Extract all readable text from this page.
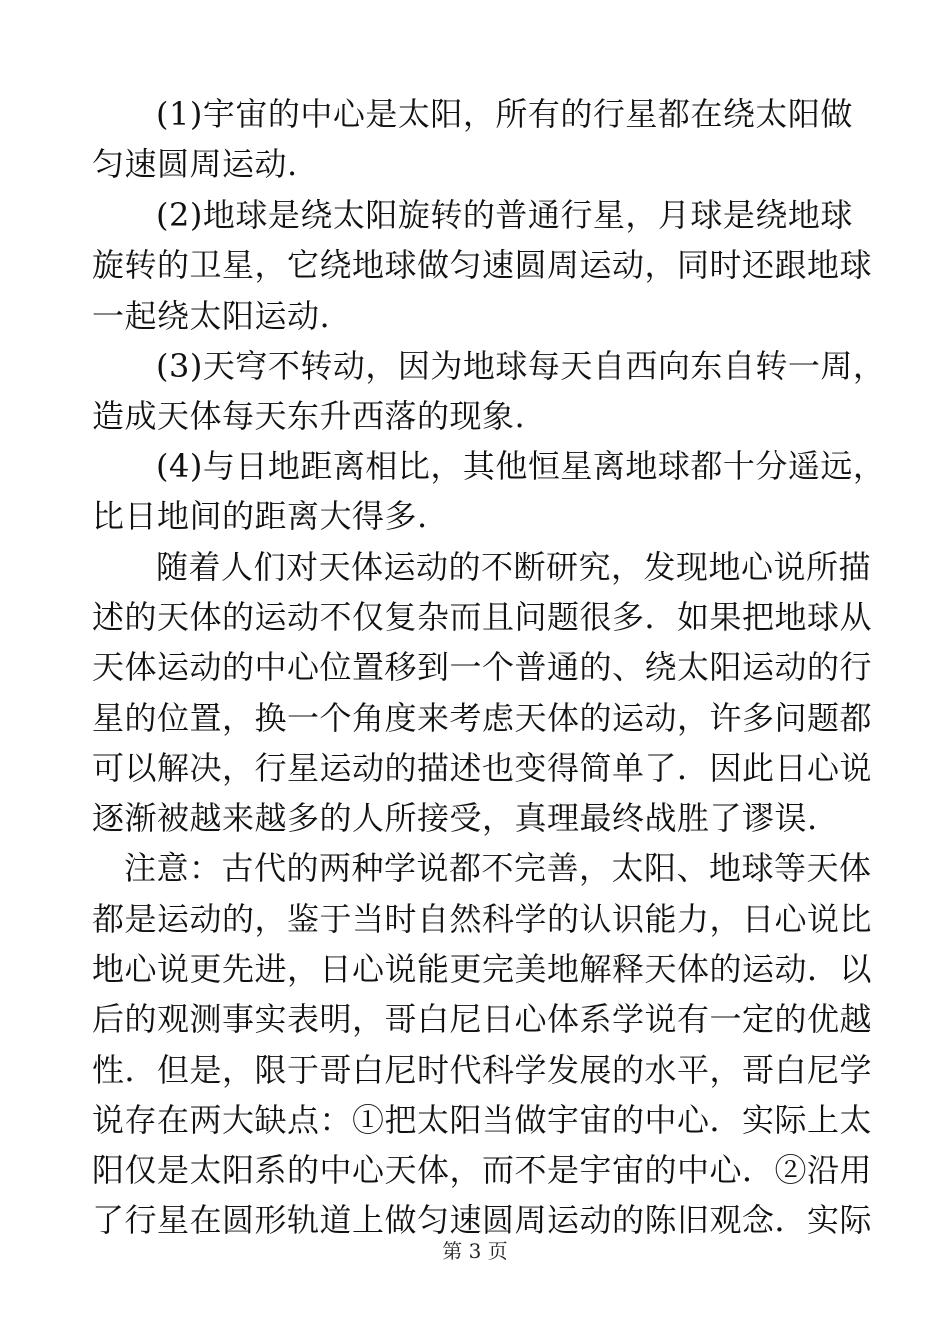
(1)宇宙的中心是太阳，所有的行星都在绕太阳做
匀速圆周运动.
(2)地球是绕太阳旋转的普通行星，月球是绕地球
旋转的卫星，它绕地球做匀速圆周运动，同时还跟地球
一起绕太阳运动.
(3)天穹不转动，因为地球每天自西向东自转一周，
造成天体每天东升西落的现象.
(4)与日地距离相比，其他恒星离地球都十分遥远，
比日地间的距离大得多.
随着人们对天体运动的不断研究，发现地心说所描
述的天体的运动不仅复杂而且问题很多．如果把地球从
天体运动的中心位置移到一个普通的、绕太阳运动的行
星的位置，换一个角度来考虑天体的运动，许多问题都
可以解决，行星运动的描述也变得简单了．因此日心说
逐渐被越来越多的人所接受，真理最终战胜了谬误.
注意：古代的两种学说都不完善，太阳、地球等天体
都是运动的，鉴于当时自然科学的认识能力，日心说比
地心说更先进，日心说能更完美地解释天体的运动．以
后的观测事实表明，哥白尼日心体系学说有一定的优越
性．但是，限于哥白尼时代科学发展的水平，哥白尼学
说存在两大缺点：①把太阳当做宇宙的中心．实际上太
阳仅是太阳系的中心天体，而不是宇宙的中心．②沿用
了行星在圆形轨道上做匀速圆周运动的陈旧观念．实际
第 3 页
